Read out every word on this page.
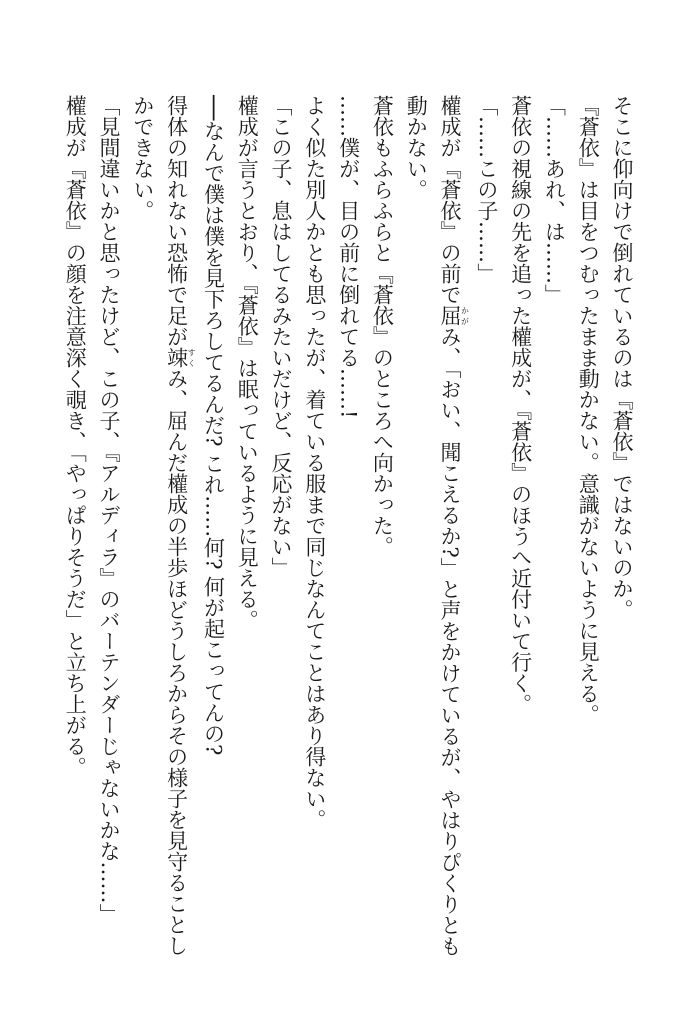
そこに仰向けで倒れているのは『蒼依』ではないのか。
『蒼依』は目をつむったまま動かない。意識がないように見える。
「……あれ、は……」
蒼依の視線の先を追った權成が、『蒼依』のほうへ近付いて行く。
「……この子……」
權成が『蒼依』の前で屈かがみ、「おい、聞こえるか?」と声をかけているが、やはりぴくりとも
動かない。
蒼依もふらふらと『蒼依』のところへ向かった。
……僕が、目の前に倒れてる……!
よく似た別人かとも思ったが、着ている服まで同じなんてことはあり得ない。
「この子、息はしてるみたいだけど、反応がない」
權成が言うとおり、『蒼依』は眠っているように見える。
──なんで僕は僕を見下ろしてるんだ? これ……何? 何が起こってんの?
得体の知れない恐怖で足が竦すくみ、屈んだ權成の半歩ほどうしろからその様子を見守ることし
かできない。
「見間違いかと思ったけど、この子、『アルディラ』のバーテンダーじゃないかな……」
權成が『蒼依』の顔を注意深く覗き、「やっぱりそうだ」と立ち上がる。
